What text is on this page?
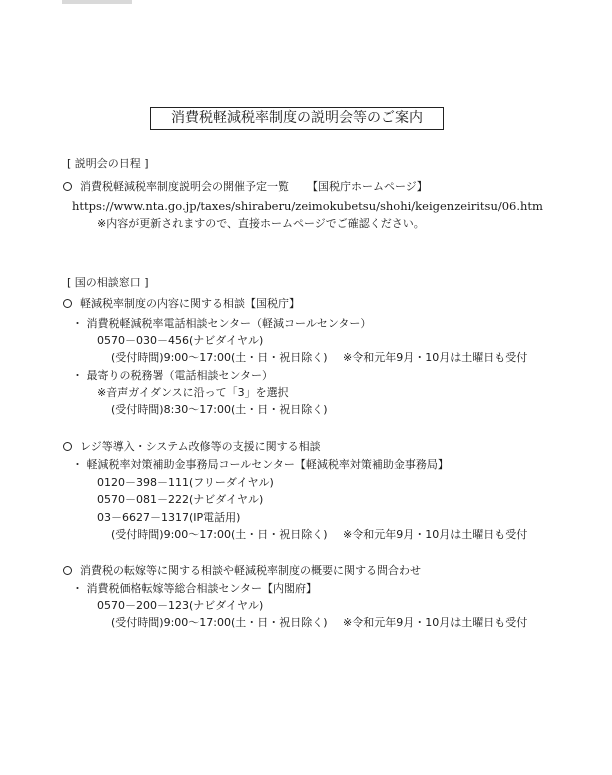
消費税軽減税率制度の説明会等のご案内
[ 説明会の日程 ]
消費税軽減税率制度説明会の開催予定一覧 【国税庁ホームページ】
https://www.nta.go.jp/taxes/shiraberu/zeimokubetsu/shohi/keigenzeiritsu/06.htm
※内容が更新されますので、直接ホームページでご確認ください。
[ 国の相談窓口 ]
軽減税率制度の内容に関する相談【国税庁】
・ 消費税軽減税率電話相談センター（軽減コールセンター）
0570－030－456(ナビダイヤル)
(受付時間)9:00～17:00(土・日・祝日除く) ※令和元年9月・10月は土曜日も受付
・ 最寄りの税務署（電話相談センター）
※音声ガイダンスに沿って「3」を選択
(受付時間)8:30～17:00(土・日・祝日除く)
レジ等導入・システム改修等の支援に関する相談
・ 軽減税率対策補助金事務局コールセンター【軽減税率対策補助金事務局】
0120－398－111(フリーダイヤル)
0570－081－222(ナビダイヤル)
03－6627－1317(IP電話用)
(受付時間)9:00～17:00(土・日・祝日除く) ※令和元年9月・10月は土曜日も受付
消費税の転嫁等に関する相談や軽減税率制度の概要に関する問合わせ
・ 消費税価格転嫁等総合相談センター【内閣府】
0570－200－123(ナビダイヤル)
(受付時間)9:00～17:00(土・日・祝日除く) ※令和元年9月・10月は土曜日も受付
